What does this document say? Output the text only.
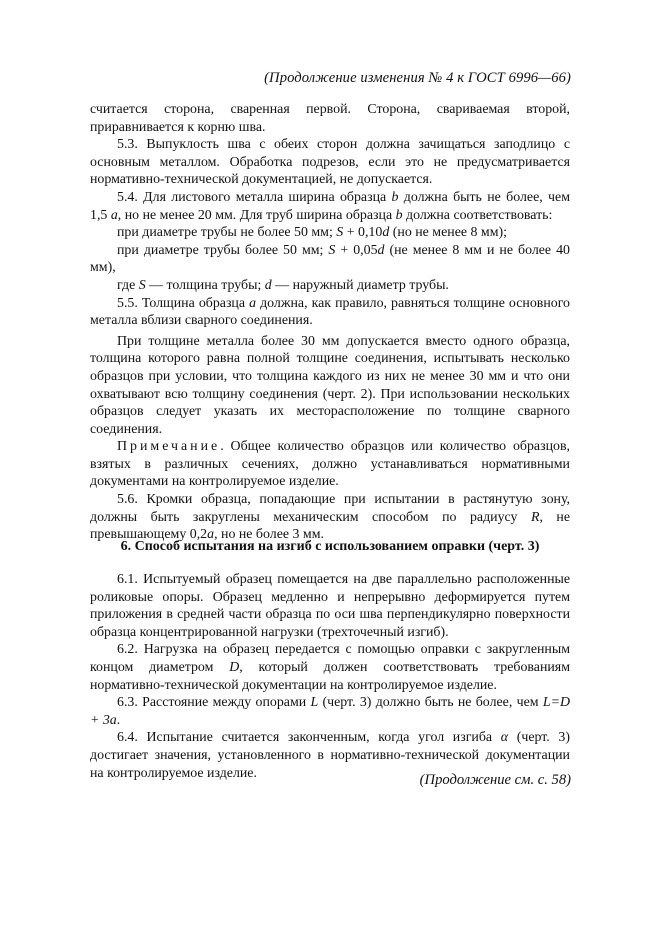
(Продолжение изменения № 4 к ГОСТ 6996—66)

считается сторона, сваренная первой. Сторона, свариваемая второй, приравнивается к корню шва.

5.3. Выпуклость шва с обеих сторон должна зачищаться заподлицо с основным металлом. Обработка подрезов, если это не предусматривается нормативно-технической документацией, не допускается.

5.4. Для листового металла ширина образца b должна быть не более, чем 1,5 a, но не менее 20 мм. Для труб ширина образца b должна соответствовать:

при диаметре трубы не более 50 мм; S + 0,10d (но не менее 8 мм);

при диаметре трубы более 50 мм; S + 0,05d (не менее 8 мм и не более 40 мм),

где S — толщина трубы; d — наружный диаметр трубы.

5.5. Толщина образца a должна, как правило, равняться толщине основного металла вблизи сварного соединения.

При толщине металла более 30 мм допускается вместо одного образца, толщина которого равна полной толщине соединения, испытывать несколько образцов при условии, что толщина каждого из них не менее 30 мм и что они охватывают всю толщину соединения (черт. 2). При использовании нескольких образцов следует указать их месторасположение по толщине сварного соединения.

Примечание. Общее количество образцов или количество образцов, взятых в различных сечениях, должно устанавливаться нормативными документами на контролируемое изделие.

5.6. Кромки образца, попадающие при испытании в растянутую зону, должны быть закруглены механическим способом по радиусу R, не превышающему 0,2a, но не более 3 мм.

6. Способ испытания на изгиб с использованием оправки (черт. 3)

6.1. Испытуемый образец помещается на две параллельно расположенные роликовые опоры. Образец медленно и непрерывно деформируется путем приложения в средней части образца по оси шва перпендикулярно поверхности образца концентрированной нагрузки (трехточечный изгиб).

6.2. Нагрузка на образец передается с помощью оправки с закругленным концом диаметром D, который должен соответствовать требованиям нормативно-технической документации на контролируемое изделие.

6.3. Расстояние между опорами L (черт. 3) должно быть не более, чем L=D + 3a.

6.4. Испытание считается законченным, когда угол изгиба α (черт. 3) достигает значения, установленного в нормативно-технической документации на контролируемое изделие.	(Продолжение см. с. 58)
